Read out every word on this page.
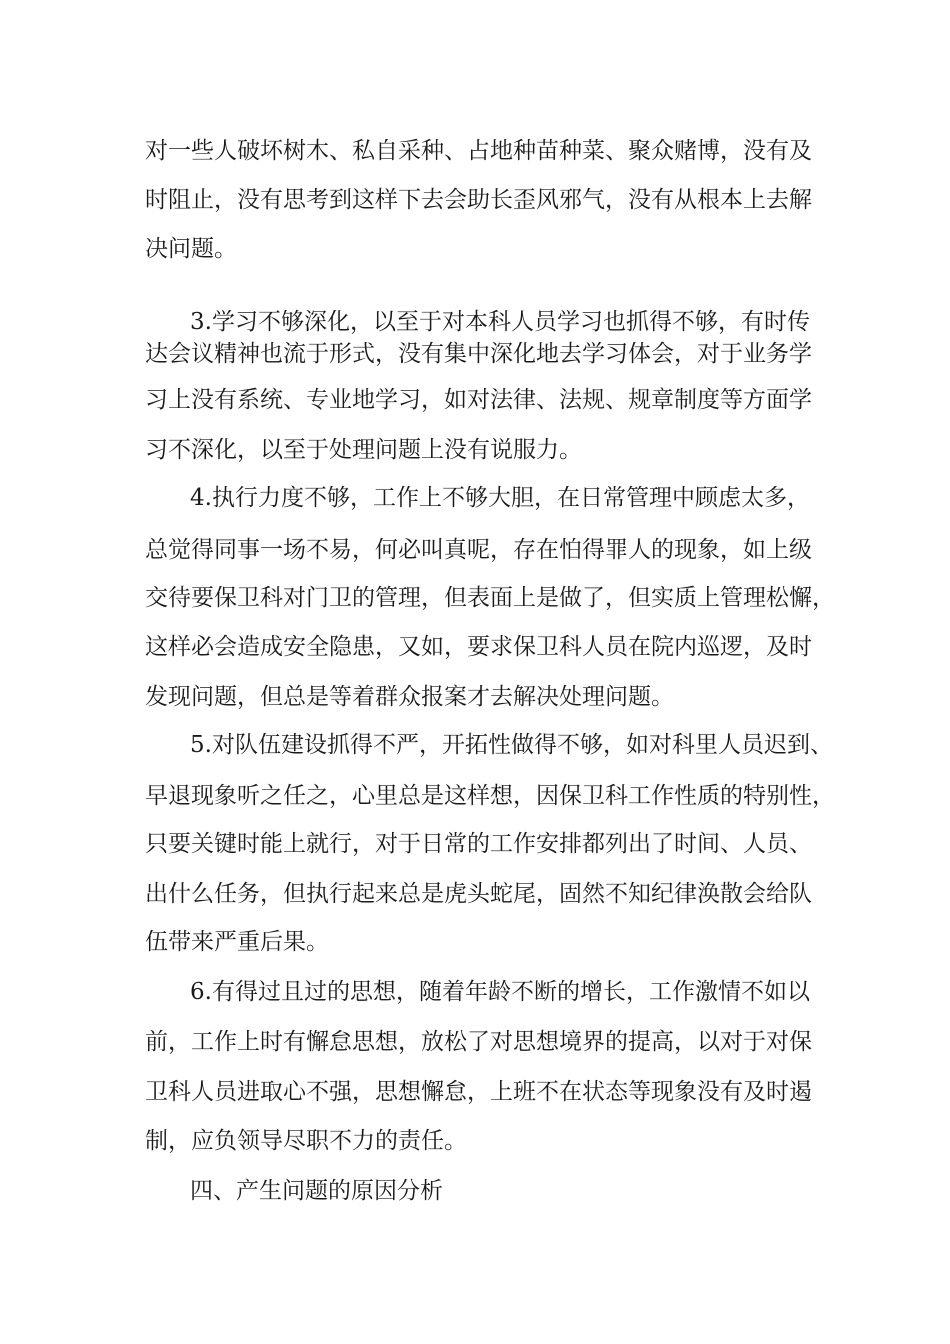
对一些人破坏树木、私自采种、占地种苗种菜、聚众赌博，没有及
时阻止，没有思考到这样下去会助长歪风邪气，没有从根本上去解
决问题。
3.学习不够深化，以至于对本科人员学习也抓得不够，有时传
达会议精神也流于形式，没有集中深化地去学习体会，对于业务学
习上没有系统、专业地学习，如对法律、法规、规章制度等方面学
习不深化，以至于处理问题上没有说服力。
4.执行力度不够，工作上不够大胆，在日常管理中顾虑太多，
总觉得同事一场不易，何必叫真呢，存在怕得罪人的现象，如上级
交待要保卫科对门卫的管理，但表面上是做了，但实质上管理松懈，
这样必会造成安全隐患，又如，要求保卫科人员在院内巡逻，及时
发现问题，但总是等着群众报案才去解决处理问题。
5.对队伍建设抓得不严，开拓性做得不够，如对科里人员迟到、
早退现象听之任之，心里总是这样想，因保卫科工作性质的特别性，
只要关键时能上就行，对于日常的工作安排都列出了时间、人员、
出什么任务，但执行起来总是虎头蛇尾，固然不知纪律涣散会给队
伍带来严重后果。
6.有得过且过的思想，随着年龄不断的增长，工作激情不如以
前，工作上时有懈怠思想，放松了对思想境界的提高，以对于对保
卫科人员进取心不强，思想懈怠，上班不在状态等现象没有及时遏
制，应负领导尽职不力的责任。
四、产生问题的原因分析
